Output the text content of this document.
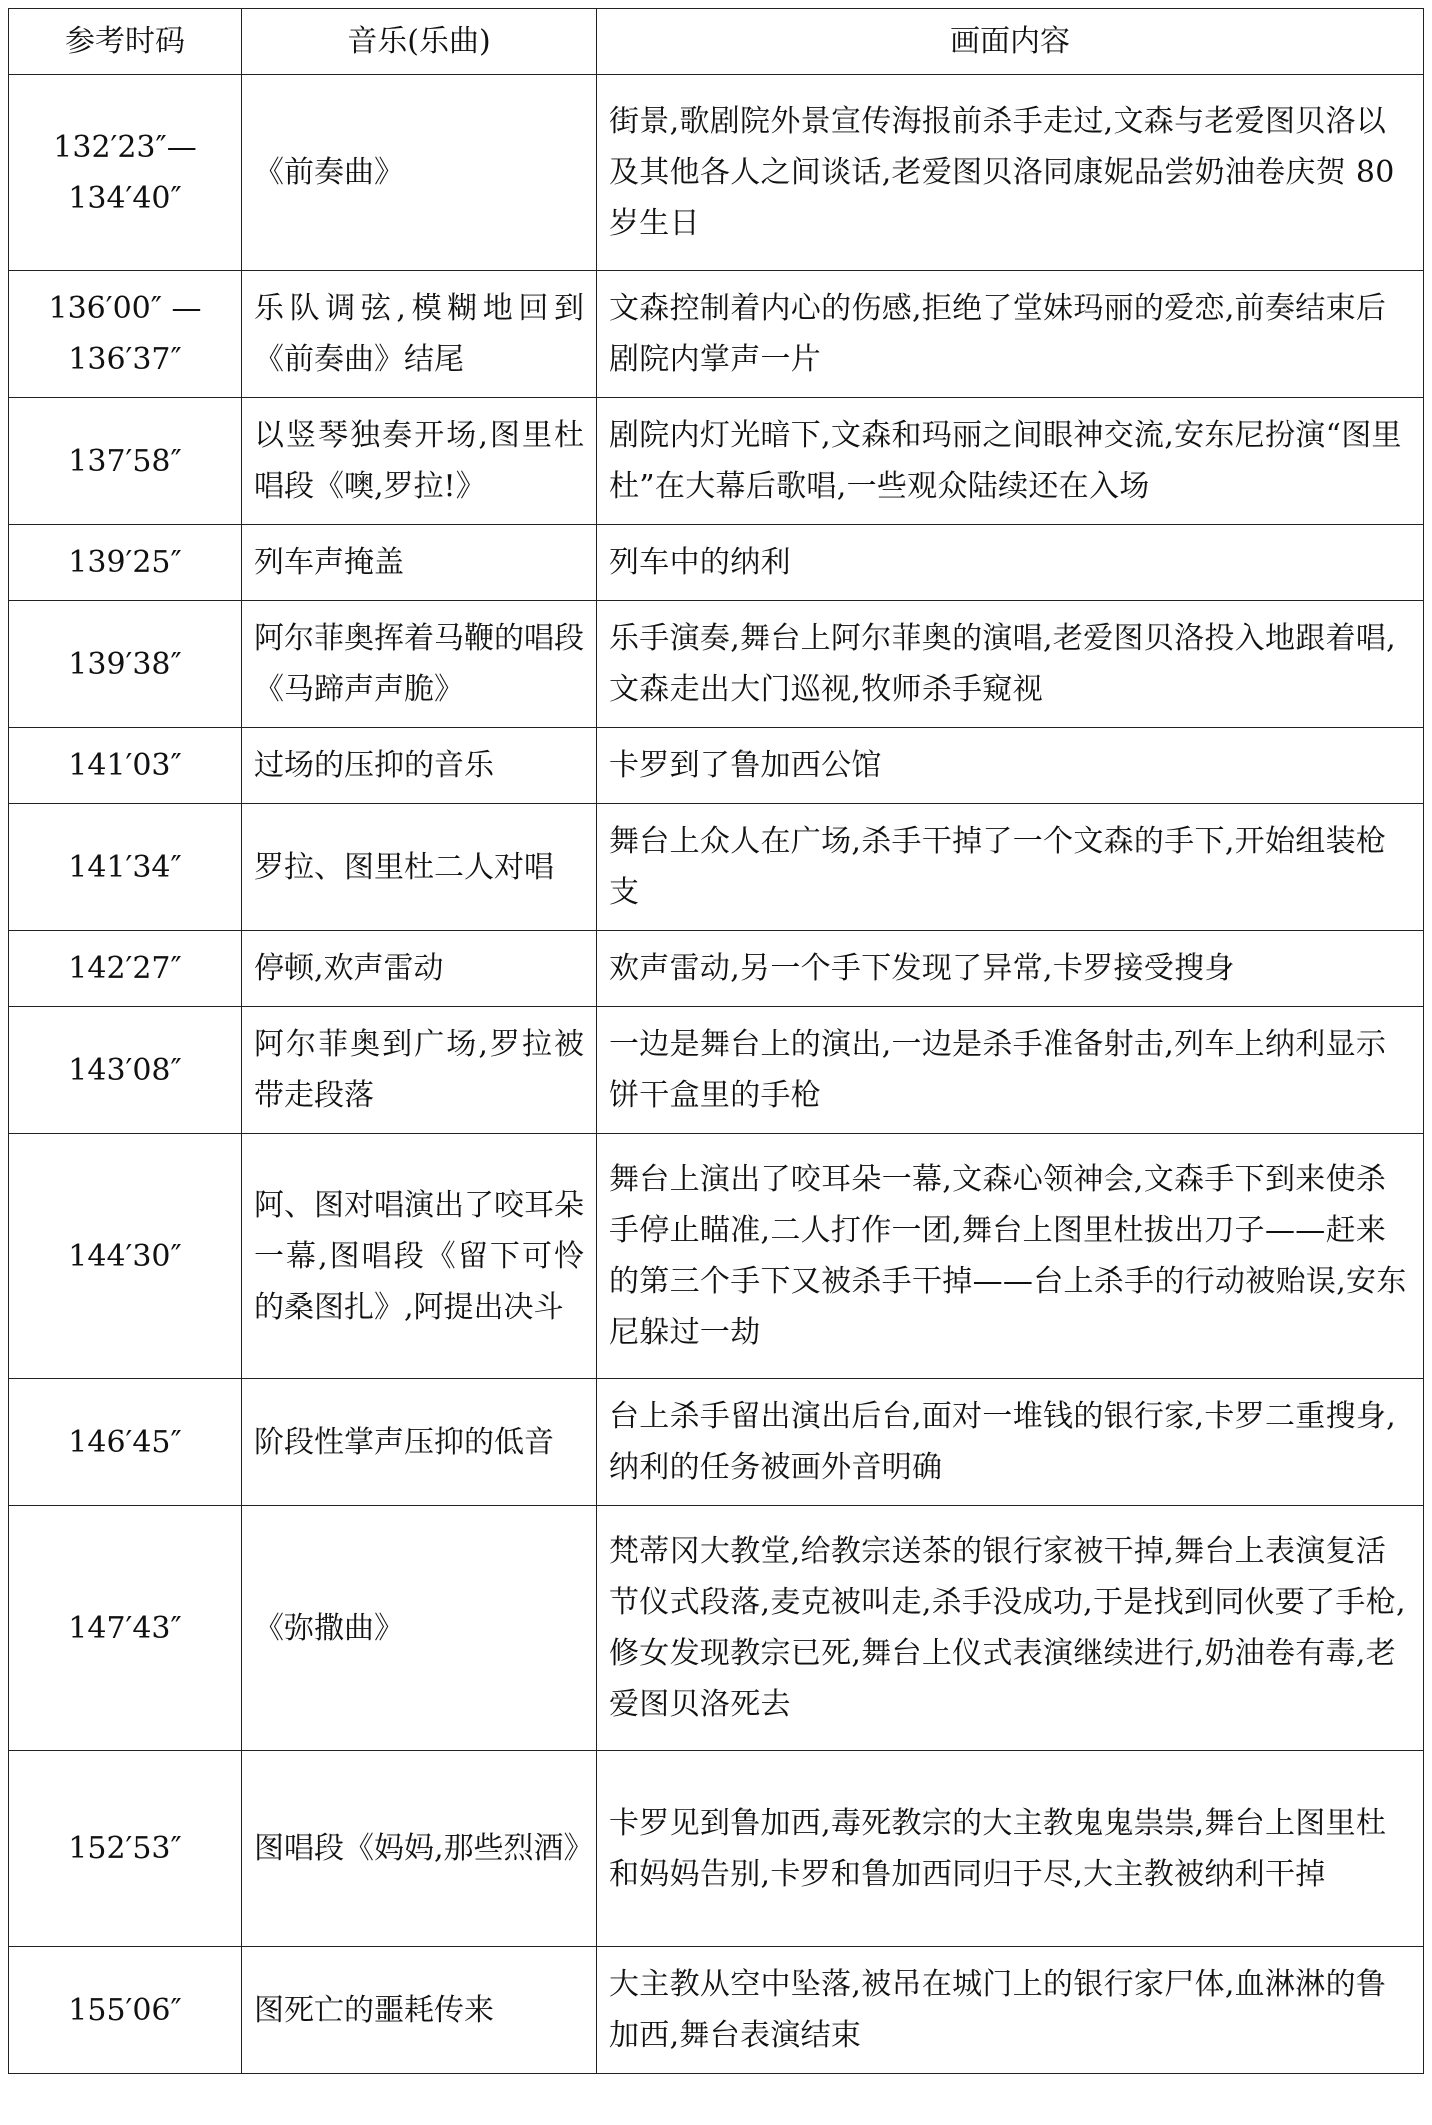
参考时码	音乐(乐曲)	画面内容
132′23″—134′40″	《前奏曲》	街景,歌剧院外景宣传海报前杀手走过,文森与老爱图贝洛以及其他各人之间谈话,老爱图贝洛同康妮品尝奶油卷庆贺 80 岁生日
136′00″ —136′37″	乐队调弦,模糊地回到《前奏曲》结尾	文森控制着内心的伤感,拒绝了堂妹玛丽的爱恋,前奏结束后剧院内掌声一片
137′58″	以竖琴独奏开场,图里杜唱段《噢,罗拉!》	剧院内灯光暗下,文森和玛丽之间眼神交流,安东尼扮演“图里杜”在大幕后歌唱,一些观众陆续还在入场
139′25″	列车声掩盖	列车中的纳利
139′38″	阿尔菲奥挥着马鞭的唱段《马蹄声声脆》	乐手演奏,舞台上阿尔菲奥的演唱,老爱图贝洛投入地跟着唱,文森走出大门巡视,牧师杀手窥视
141′03″	过场的压抑的音乐	卡罗到了鲁加西公馆
141′34″	罗拉、图里杜二人对唱	舞台上众人在广场,杀手干掉了一个文森的手下,开始组装枪支
142′27″	停顿,欢声雷动	欢声雷动,另一个手下发现了异常,卡罗接受搜身
143′08″	阿尔菲奥到广场,罗拉被带走段落	一边是舞台上的演出,一边是杀手准备射击,列车上纳利显示饼干盒里的手枪
144′30″	阿、图对唱演出了咬耳朵一幕,图唱段《留下可怜的桑图扎》,阿提出决斗	舞台上演出了咬耳朵一幕,文森心领神会,文森手下到来使杀手停止瞄准,二人打作一团,舞台上图里杜拔出刀子——赶来的第三个手下又被杀手干掉——台上杀手的行动被贻误,安东尼躲过一劫
146′45″	阶段性掌声压抑的低音	台上杀手留出演出后台,面对一堆钱的银行家,卡罗二重搜身,纳利的任务被画外音明确
147′43″	《弥撒曲》	梵蒂冈大教堂,给教宗送茶的银行家被干掉,舞台上表演复活节仪式段落,麦克被叫走,杀手没成功,于是找到同伙要了手枪,修女发现教宗已死,舞台上仪式表演继续进行,奶油卷有毒,老爱图贝洛死去
152′53″	图唱段《妈妈,那些烈酒》	卡罗见到鲁加西,毒死教宗的大主教鬼鬼祟祟,舞台上图里杜和妈妈告别,卡罗和鲁加西同归于尽,大主教被纳利干掉
155′06″	图死亡的噩耗传来	大主教从空中坠落,被吊在城门上的银行家尸体,血淋淋的鲁加西,舞台表演结束
